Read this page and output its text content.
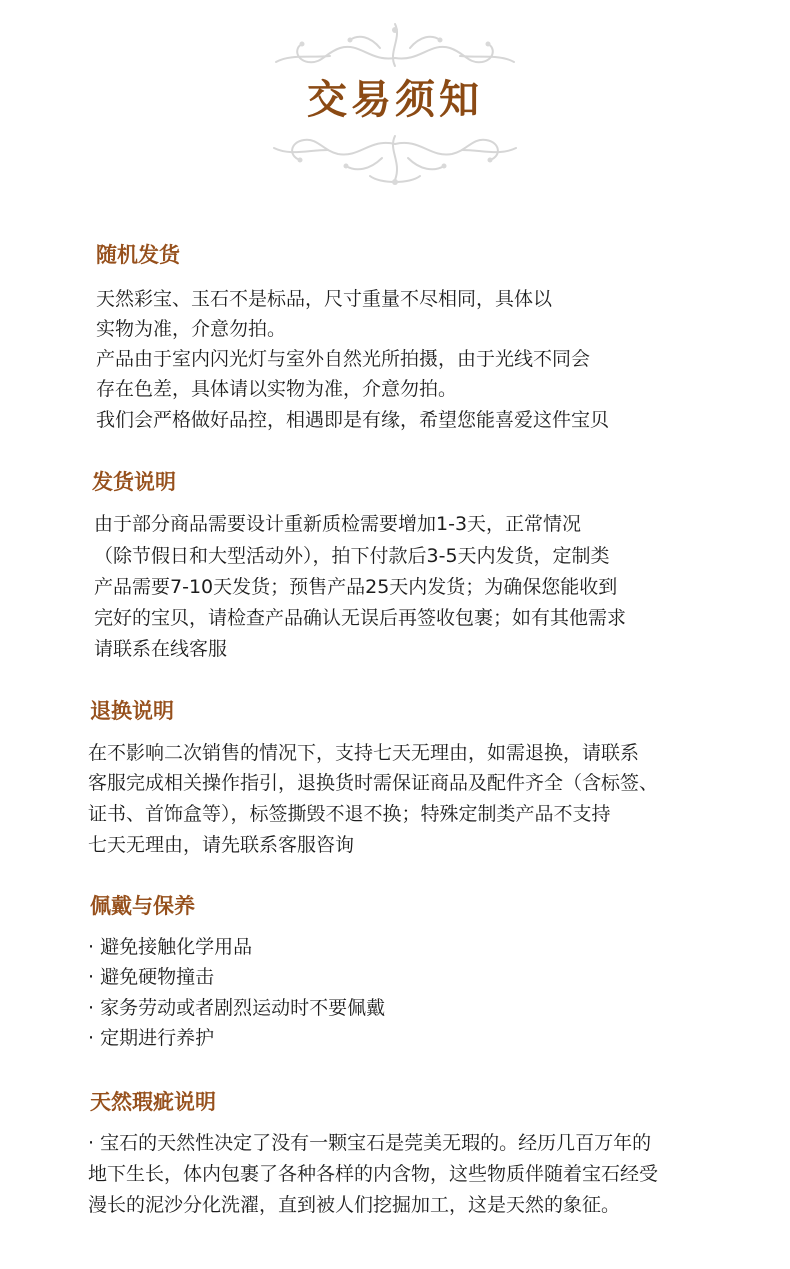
交易须知
随机发货
天然彩宝、玉石不是标品，尺寸重量不尽相同，具体以
实物为准，介意勿拍。
产品由于室内闪光灯与室外自然光所拍摄，由于光线不同会
存在色差，具体请以实物为准，介意勿拍。
我们会严格做好品控，相遇即是有缘，希望您能喜爱这件宝贝
发货说明
由于部分商品需要设计重新质检需要增加1-3天，正常情况
（除节假日和大型活动外），拍下付款后3-5天内发货，定制类
产品需要7-10天发货；预售产品25天内发货；为确保您能收到
完好的宝贝，请检查产品确认无误后再签收包裹；如有其他需求
请联系在线客服
退换说明
在不影响二次销售的情况下，支持七天无理由，如需退换，请联系
客服完成相关操作指引，退换货时需保证商品及配件齐全（含标签、
证书、首饰盒等），标签撕毁不退不换；特殊定制类产品不支持
七天无理由，请先联系客服咨询
佩戴与保养
· 避免接触化学用品
· 避免硬物撞击
· 家务劳动或者剧烈运动时不要佩戴
· 定期进行养护
天然瑕疵说明
· 宝石的天然性决定了没有一颗宝石是莞美无瑕的。经历几百万年的
地下生长，体内包裹了各种各样的内含物，这些物质伴随着宝石经受
漫长的泥沙分化洗濯，直到被人们挖掘加工，这是天然的象征。
